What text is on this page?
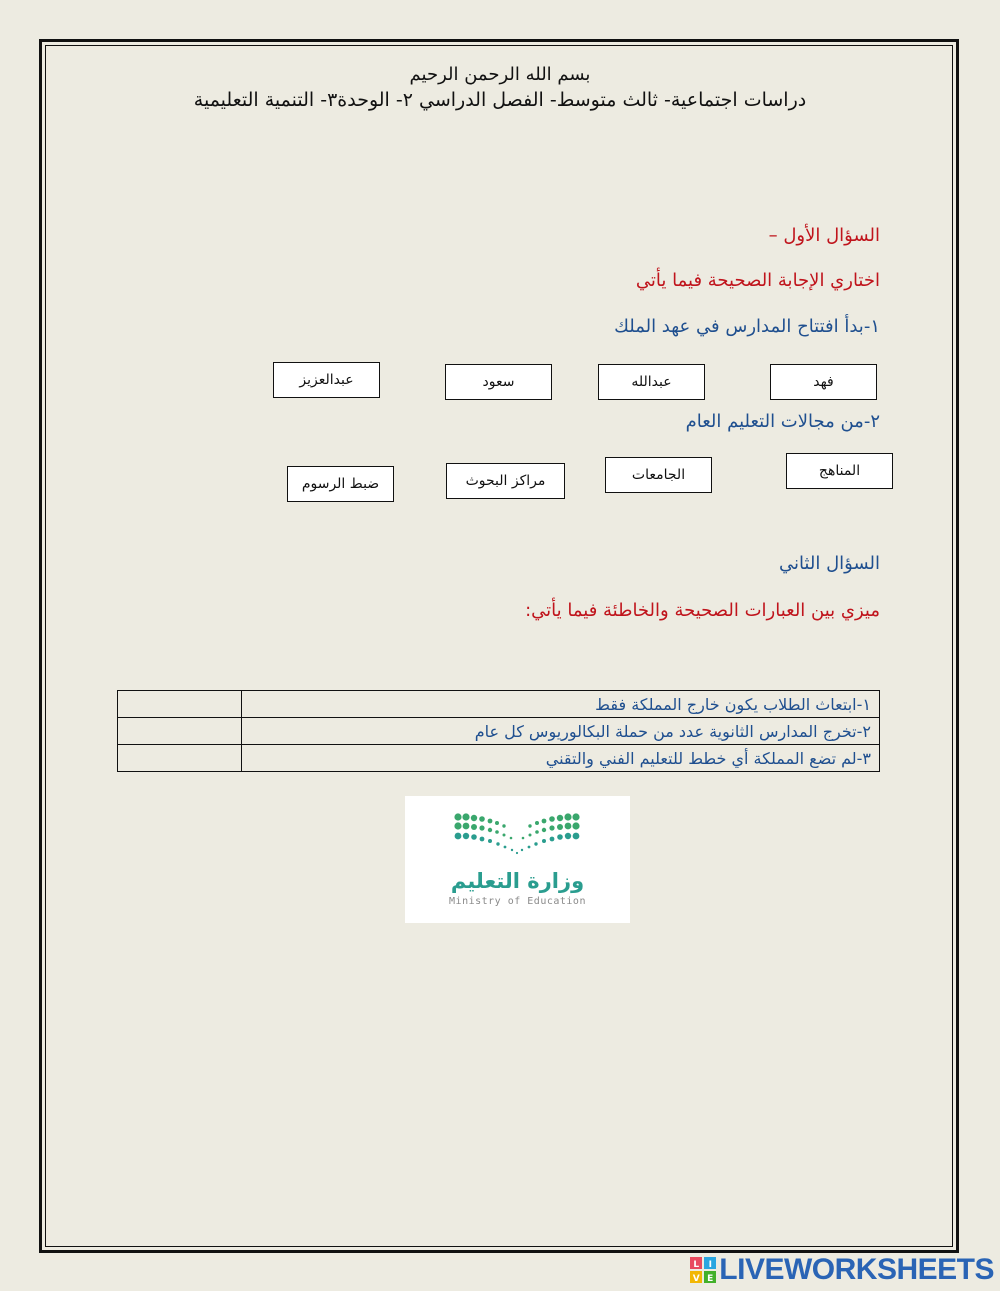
بسم الله الرحمن الرحيم
دراسات اجتماعية- ثالث متوسط- الفصل الدراسي ٢- الوحدة٣- التنمية التعليمية
السؤال الأول –
اختاري الإجابة الصحيحة فيما يأتي
١-بدأ افتتاح المدارس في عهد الملك
فهد
عبدالله
سعود
عبدالعزيز
٢-من مجالات التعليم العام
المناهج
الجامعات
مراكز البحوث
ضبط الرسوم
السؤال الثاني
ميزي بين العبارات الصحيحة والخاطئة فيما يأتي:
	١-ابتعاث الطلاب يكون خارج المملكة فقط
	٢-تخرج المدارس الثانوية عدد من حملة البكالوريوس كل عام
	٣-لم تضع المملكة أي خطط للتعليم الفني والتقني
وزارة التعليم
Ministry of Education
L I
V E LIVEWORKSHEETS
